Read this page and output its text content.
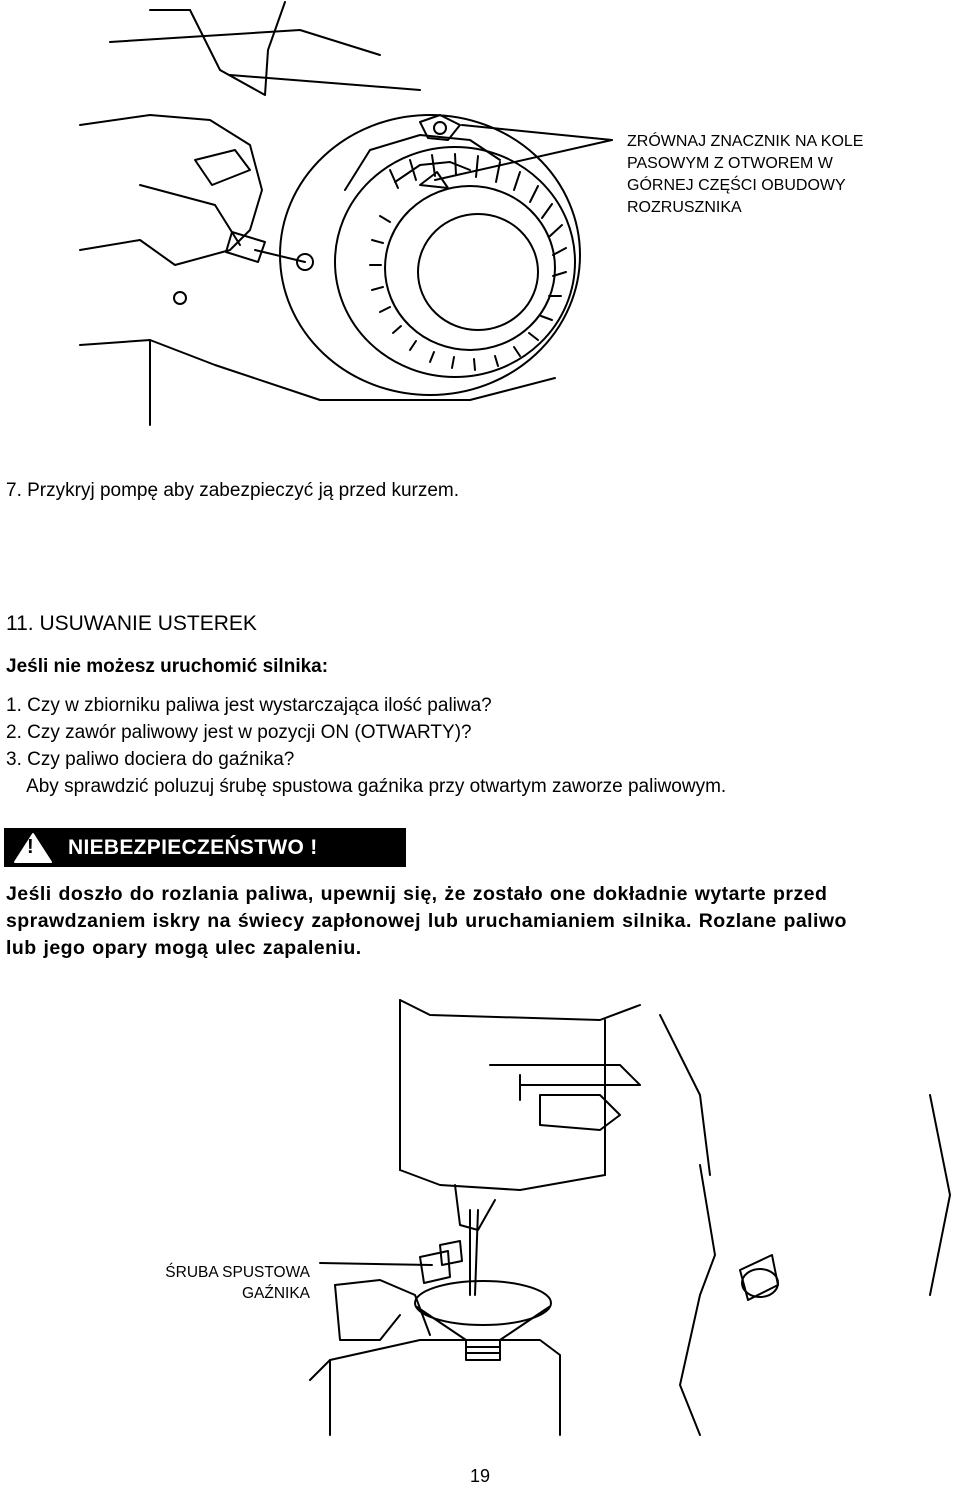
ZRÓWNAJ ZNACZNIK NA KOLE
PASOWYM Z OTWOREM W
GÓRNEJ CZĘŚCI OBUDOWY
ROZRUSZNIKA
7. Przykryj pompę aby zabezpieczyć ją przed kurzem.
11. USUWANIE USTEREK
Jeśli nie możesz uruchomić silnika:
1. Czy w zbiorniku paliwa jest wystarczająca ilość paliwa?
2. Czy zawór paliwowy jest w pozycji ON (OTWARTY)?
3. Czy paliwo dociera do gaźnika?
Aby sprawdzić poluzuj śrubę spustowa gaźnika przy otwartym zaworze paliwowym.
! NIEBEZPIECZEŃSTWO !
Jeśli doszło do rozlania paliwa, upewnij się, że zostało one dokładnie wytarte przed
sprawdzaniem iskry na świecy zapłonowej lub uruchamianiem silnika. Rozlane paliwo
lub jego opary mogą ulec zapaleniu.
ŚRUBA SPUSTOWA
GAŹNIKA
19
